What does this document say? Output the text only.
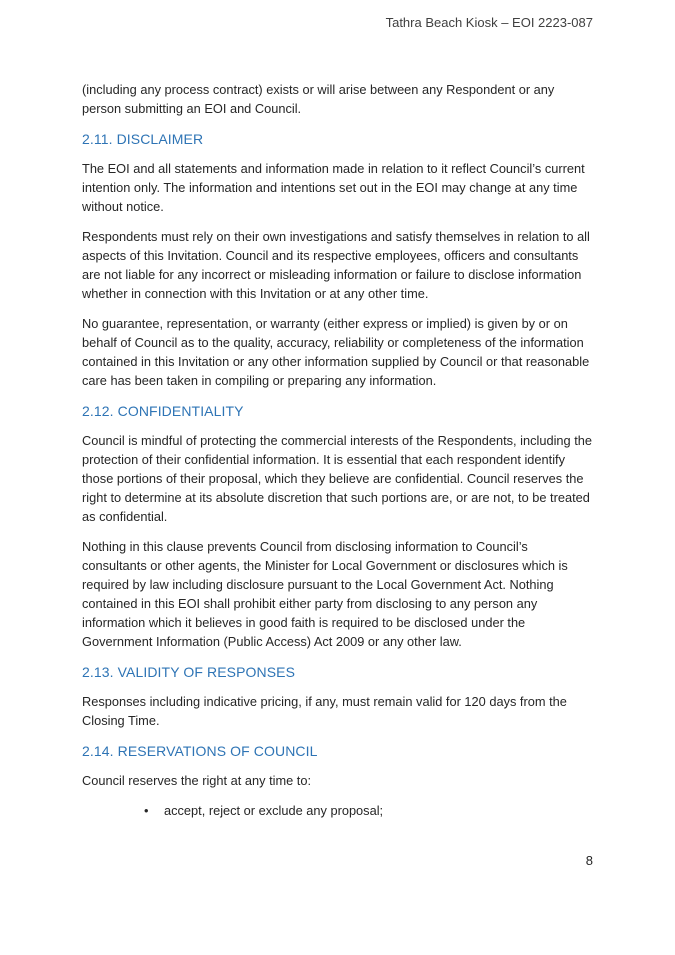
Tathra Beach Kiosk – EOI 2223-087

(including any process contract) exists or will arise between any Respondent or any person submitting an EOI and Council.

2.11. DISCLAIMER

The EOI and all statements and information made in relation to it reflect Council’s current intention only. The information and intentions set out in the EOI may change at any time without notice.

Respondents must rely on their own investigations and satisfy themselves in relation to all aspects of this Invitation. Council and its respective employees, officers and consultants are not liable for any incorrect or misleading information or failure to disclose information whether in connection with this Invitation or at any other time.

No guarantee, representation, or warranty (either express or implied) is given by or on behalf of Council as to the quality, accuracy, reliability or completeness of the information contained in this Invitation or any other information supplied by Council or that reasonable care has been taken in compiling or preparing any information.

2.12. CONFIDENTIALITY

Council is mindful of protecting the commercial interests of the Respondents, including the protection of their confidential information. It is essential that each respondent identify those portions of their proposal, which they believe are confidential. Council reserves the right to determine at its absolute discretion that such portions are, or are not, to be treated as confidential.

Nothing in this clause prevents Council from disclosing information to Council’s consultants or other agents, the Minister for Local Government or disclosures which is required by law including disclosure pursuant to the Local Government Act. Nothing contained in this EOI shall prohibit either party from disclosing to any person any information which it believes in good faith is required to be disclosed under the Government Information (Public Access) Act 2009 or any other law.

2.13. VALIDITY OF RESPONSES

Responses including indicative pricing, if any, must remain valid for 120 days from the Closing Time.

2.14. RESERVATIONS OF COUNCIL

Council reserves the right at any time to:

•	accept, reject or exclude any proposal;
8
